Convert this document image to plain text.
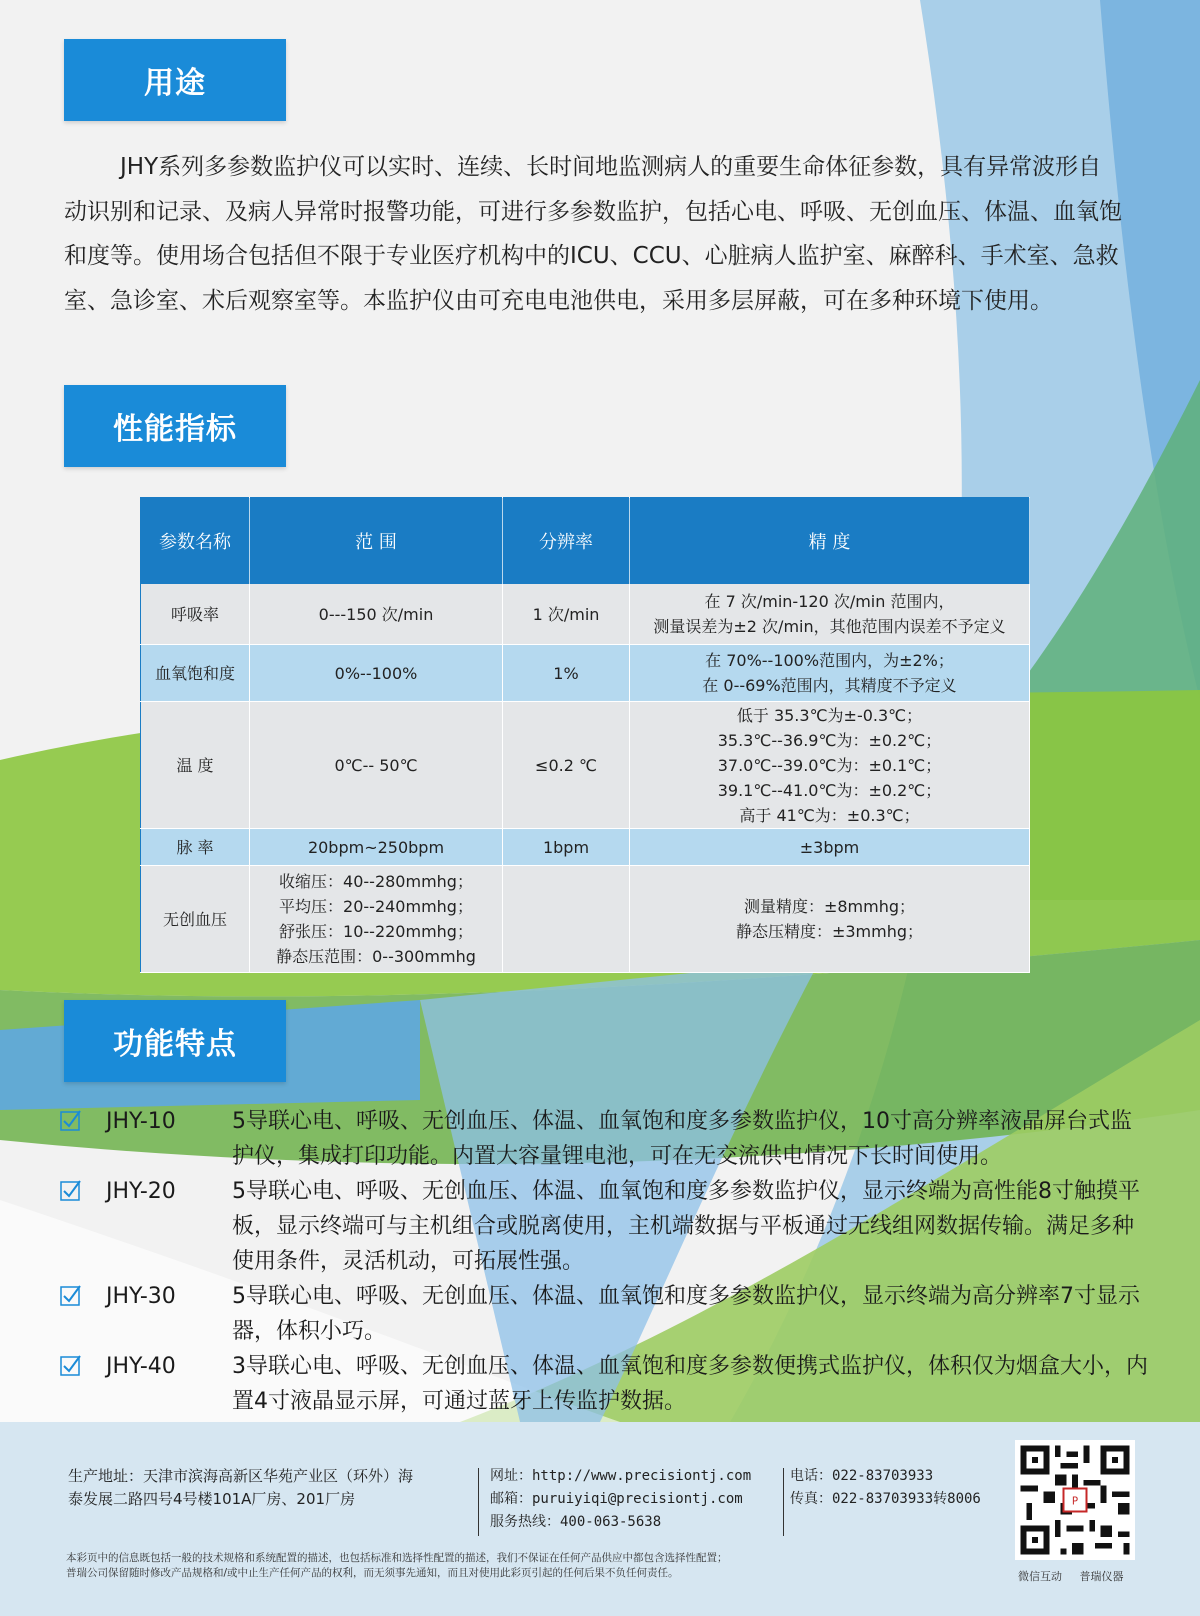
用途

JHY系列多参数监护仪可以实时、连续、长时间地监测病人的重要生命体征参数，具有异常波形自动识别和记录、及病人异常时报警功能，可进行多参数监护，包括心电、呼吸、无创血压、体温、血氧饱和度等。使用场合包括但不限于专业医疗机构中的ICU、CCU、心脏病人监护室、麻醉科、手术室、急救室、急诊室、术后观察室等。本监护仪由可充电电池供电，采用多层屏蔽，可在多种环境下使用。

性能指标
参数名称	范 围	分辨率	精 度
呼吸率	0---150 次/min	1 次/min	在 7 次/min-120 次/min 范围内，
测量误差为±2 次/min，其他范围内误差不予定义

血氧饱和度	0%--100%	1%	在 70%--100%范围内，为±2%；
在 0--69%范围内，其精度不予定义

温 度	0℃-- 50℃	≤0.2 ℃	低于 35.3℃为±-0.3℃；
35.3℃--36.9℃为：±0.2℃；
37.0℃--39.0℃为：±0.1℃；
39.1℃--41.0℃为：±0.2℃；
高于 41℃为：±0.3℃；

脉 率	20bpm~250bpm	1bpm	±3bpm

无创血压	收缩压：40--280mmhg；
平均压：20--240mmhg；
舒张压：10--220mmhg；
静态压范围：0--300mmhg		测量精度：±8mmhg；
静态压精度：±3mmhg；
功能特点
JHY-10	5导联心电、呼吸、无创血压、体温、血氧饱和度多参数监护仪，10寸高分辨率液晶屏台式监护仪，集成打印功能。内置大容量锂电池，可在无交流供电情况下长时间使用。
JHY-20	5导联心电、呼吸、无创血压、体温、血氧饱和度多参数监护仪，显示终端为高性能8寸触摸平板，显示终端可与主机组合或脱离使用，主机端数据与平板通过无线组网数据传输。满足多种使用条件，灵活机动，可拓展性强。
JHY-30	5导联心电、呼吸、无创血压、体温、血氧饱和度多参数监护仪，显示终端为高分辨率7寸显示器，体积小巧。
JHY-40	3导联心电、呼吸、无创血压、体温、血氧饱和度多参数便携式监护仪，体积仅为烟盒大小，内置4寸液晶显示屏，可通过蓝牙上传监护数据。
生产地址：天津市滨海高新区华苑产业区（环外）海
泰发展二路四号4号楼101A厂房、201厂房
网址：http://www.precisiontj.com
邮箱：puruiyiqi@precisiontj.com
服务热线：400-063-5638
电话：022-83703933
传真：022-83703933转8006
本彩页中的信息既包括一般的技术规格和系统配置的描述，也包括标准和选择性配置的描述，我们不保证在任何产品供应中都包含选择性配置；
普瑞公司保留随时修改产品规格和/或中止生产任何产品的权利，而无须事先通知，而且对使用此彩页引起的任何后果不负任何责任。
P
微信互动 普瑞仪器
